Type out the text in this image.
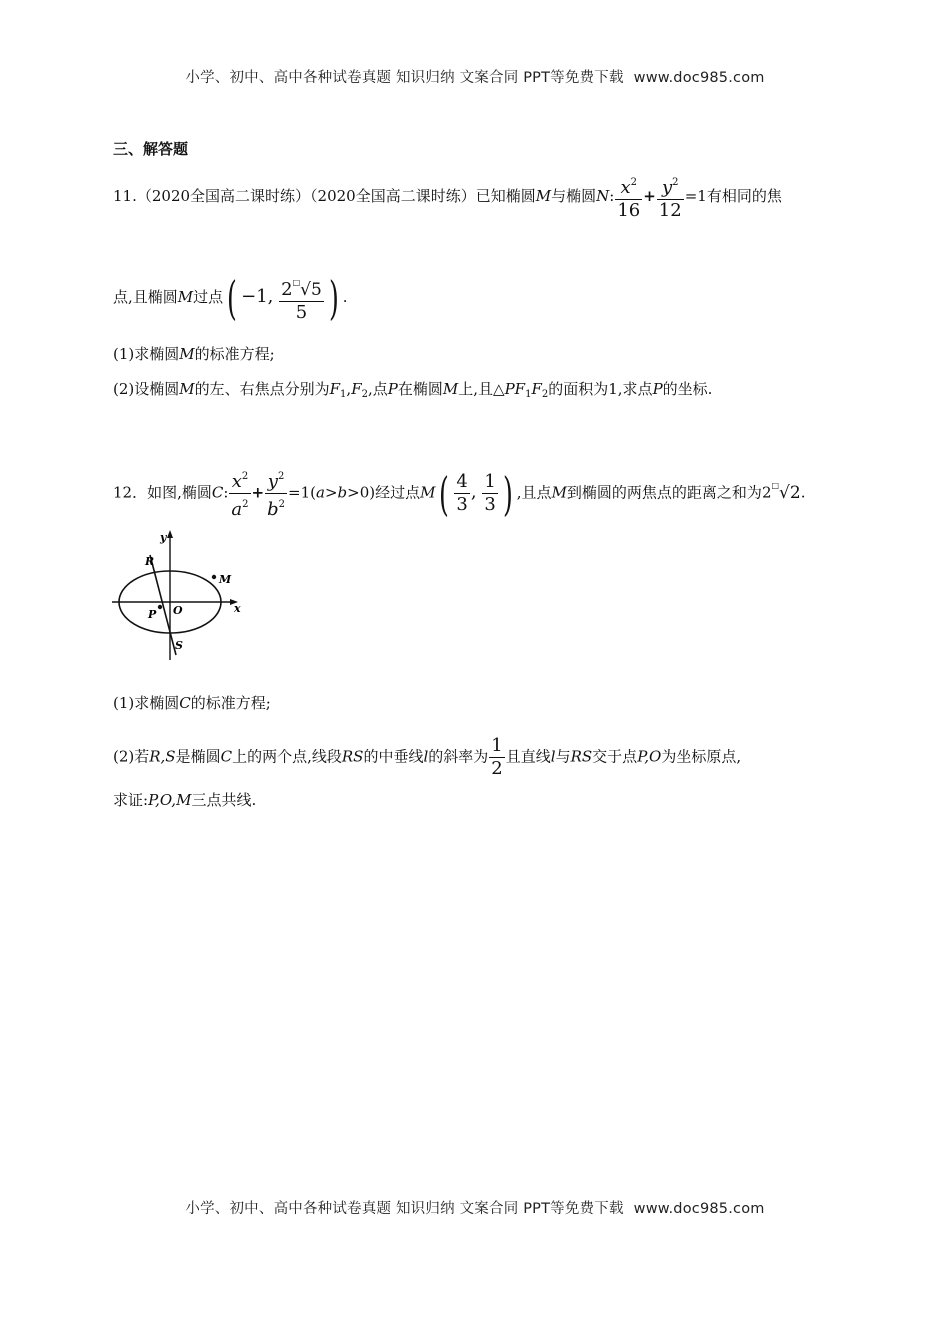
小学、初中、高中各种试卷真题 知识归纳 文案合同 PPT等免费下载 www.doc985.com
三、解答题
11.（2020全国高二课时练）（2020全国高二课时练）已知椭圆M与椭圆N: $\frac{x^2}{16} + \frac{y^2}{12} =1$有相同的焦
点,且椭圆M过点( −1, $\frac{2^□√5}{5}$ ) .
(1)求椭圆M的标准方程;
(2)设椭圆M的左、右焦点分别为$F_1,F_2$,点P在椭圆M上,且$\triangle PF_1F_2$的面积为1,求点P的坐标.
12．如图,椭圆C: $\frac{x^2}{a^2} + \frac{y^2}{b^2} =1(a>b>0)$经过点$M( \frac{4}{3}$ , $\frac{1}{3}$ ) ,且点M到椭圆的两焦点的距离之和为2□√2.
y
x
R
M
P O
S
(1)求椭圆C的标准方程;
(2)若R,S是椭圆C上的两个点,线段RS的中垂线l的斜率为 $\frac{1}{2}$ 且直线l与RS交于点P,O为坐标原点,
求证:P,O,M三点共线.
小学、初中、高中各种试卷真题 知识归纳 文案合同 PPT等免费下载 www.doc985.com
